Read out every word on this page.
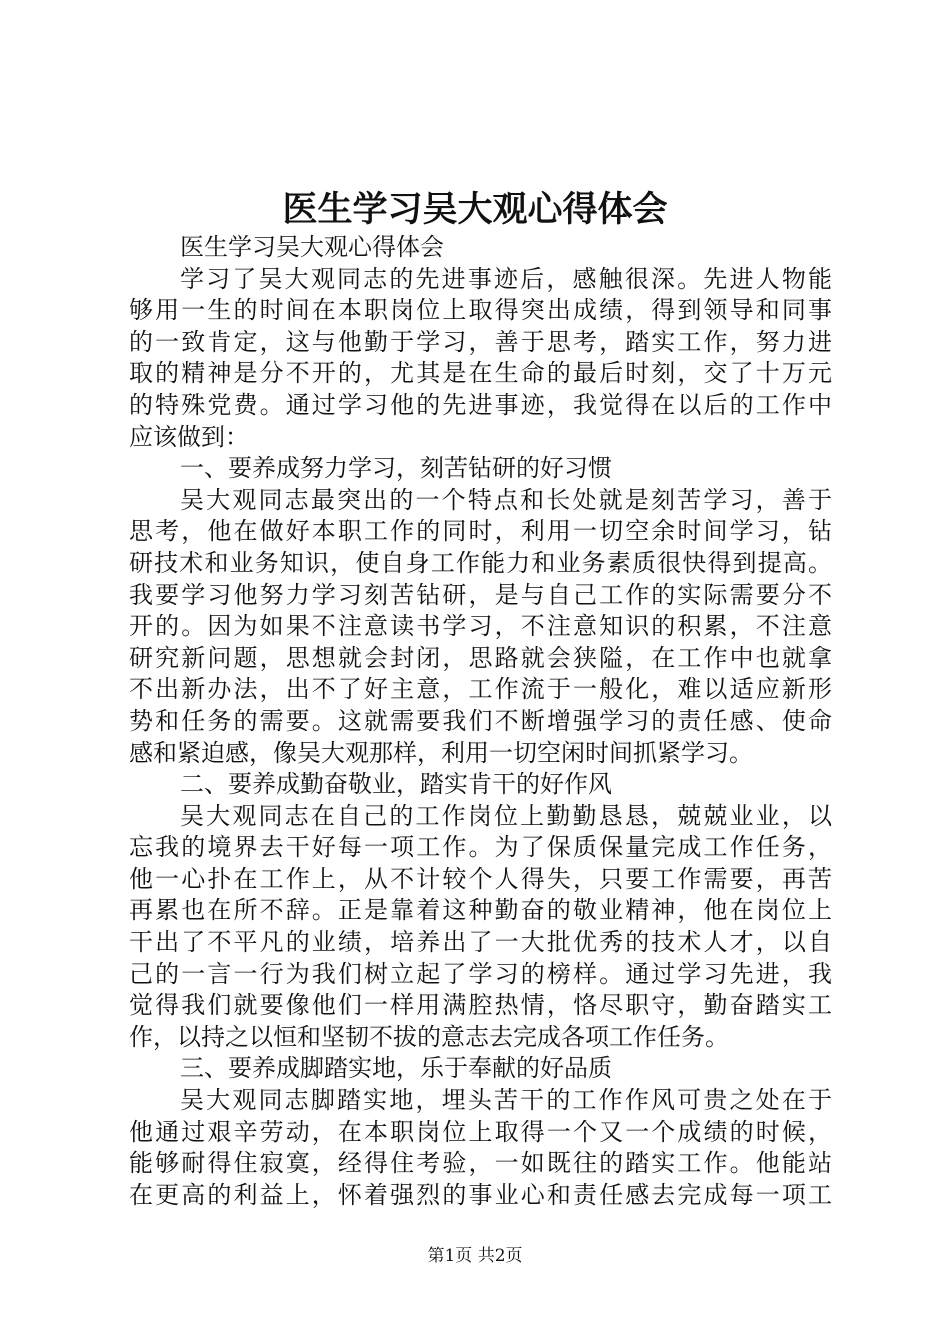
医生学习吴大观心得体会
医生学习吴大观心得体会
学习了吴大观同志的先进事迹后，感触很深。先进人物能
够用一生的时间在本职岗位上取得突出成绩，得到领导和同事
的一致肯定，这与他勤于学习，善于思考，踏实工作，努力进
取的精神是分不开的，尤其是在生命的最后时刻，交了十万元
的特殊党费。通过学习他的先进事迹，我觉得在以后的工作中
应该做到：
一、要养成努力学习，刻苦钻研的好习惯
吴大观同志最突出的一个特点和长处就是刻苦学习，善于
思考，他在做好本职工作的同时，利用一切空余时间学习，钻
研技术和业务知识，使自身工作能力和业务素质很快得到提高。
我要学习他努力学习刻苦钻研，是与自己工作的实际需要分不
开的。因为如果不注意读书学习，不注意知识的积累，不注意
研究新问题，思想就会封闭，思路就会狭隘，在工作中也就拿
不出新办法，出不了好主意，工作流于一般化，难以适应新形
势和任务的需要。这就需要我们不断增强学习的责任感、使命
感和紧迫感，像吴大观那样，利用一切空闲时间抓紧学习。
二、要养成勤奋敬业，踏实肯干的好作风
吴大观同志在自己的工作岗位上勤勤恳恳，兢兢业业，以
忘我的境界去干好每一项工作。为了保质保量完成工作任务，
他一心扑在工作上，从不计较个人得失，只要工作需要，再苦
再累也在所不辞。正是靠着这种勤奋的敬业精神，他在岗位上
干出了不平凡的业绩，培养出了一大批优秀的技术人才，以自
己的一言一行为我们树立起了学习的榜样。通过学习先进，我
觉得我们就要像他们一样用满腔热情，恪尽职守，勤奋踏实工
作，以持之以恒和坚韧不拔的意志去完成各项工作任务。
三、要养成脚踏实地，乐于奉献的好品质
吴大观同志脚踏实地，埋头苦干的工作作风可贵之处在于
他通过艰辛劳动，在本职岗位上取得一个又一个成绩的时候，
能够耐得住寂寞，经得住考验，一如既往的踏实工作。他能站
在更高的利益上，怀着强烈的事业心和责任感去完成每一项工
第1页 共2页
